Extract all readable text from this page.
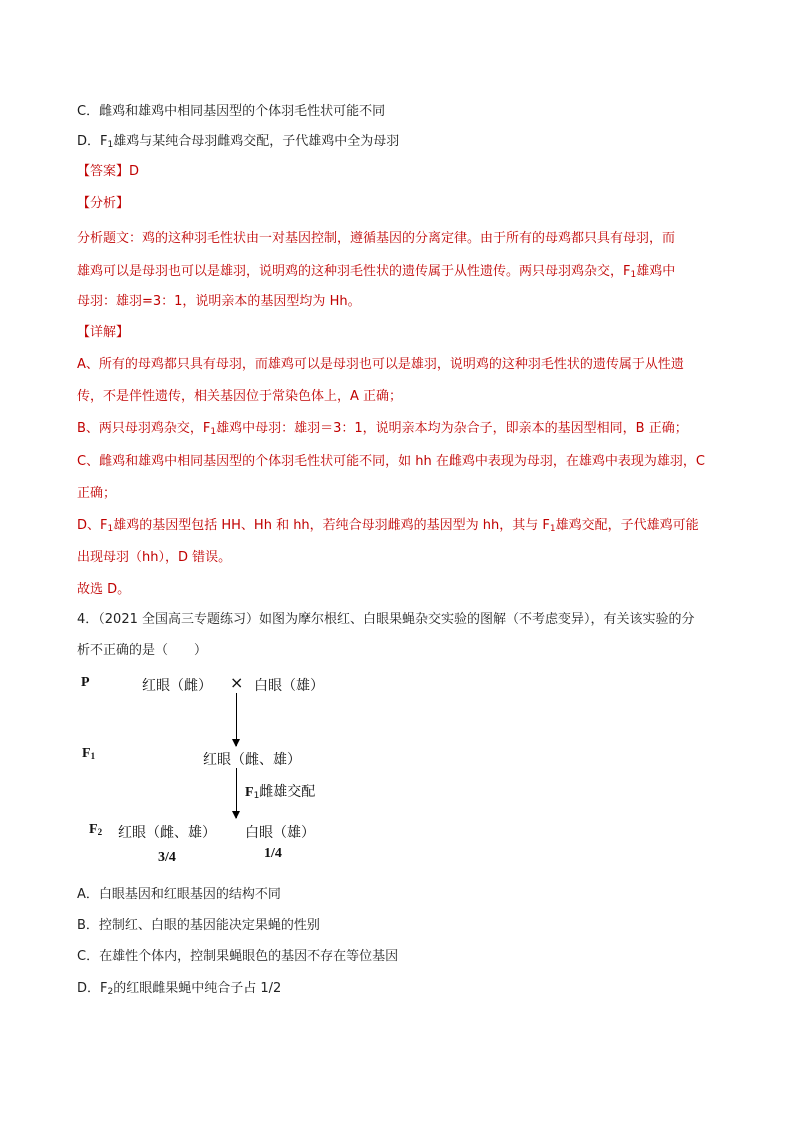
C．雌鸡和雄鸡中相同基因型的个体羽毛性状可能不同
D．$F_1$雄鸡与某纯合母羽雌鸡交配，子代雄鸡中全为母羽
【答案】D
【分析】
分析题文：鸡的这种羽毛性状由一对基因控制，遵循基因的分离定律。由于所有的母鸡都只具有母羽，而
雄鸡可以是母羽也可以是雄羽，说明鸡的这种羽毛性状的遗传属于从性遗传。两只母羽鸡杂交，$F_1$雄鸡中
母羽：雄羽=3：1，说明亲本的基因型均为 Hh。
【详解】
A、所有的母鸡都只具有母羽，而雄鸡可以是母羽也可以是雄羽，说明鸡的这种羽毛性状的遗传属于从性遗
传，不是伴性遗传，相关基因位于常染色体上，A 正确；
B、两只母羽鸡杂交，$F_1$雄鸡中母羽：雄羽＝3：1，说明亲本均为杂合子，即亲本的基因型相同，B 正确；
C、雌鸡和雄鸡中相同基因型的个体羽毛性状可能不同，如 hh 在雌鸡中表现为母羽，在雄鸡中表现为雄羽，C
正确；
D、$F_1$雄鸡的基因型包括 HH、Hh 和 hh，若纯合母羽雌鸡的基因型为 hh，其与 $F_1$雄鸡交配，子代雄鸡可能
出现母羽（hh），D 错误。
故选 D。
4．（2021 全国高三专题练习）如图为摩尔根红、白眼果蝇杂交实验的图解（不考虑变异），有关该实验的分
析不正确的是（　　）
P	红眼（雌） × 白眼（雄）
$F_1$	红眼（雌、雄）
$F_1$雌雄交配
$F_2$ 红眼（雌、雄） 白眼（雄）
3/4	1/4
A．白眼基因和红眼基因的结构不同
B．控制红、白眼的基因能决定果蝇的性别
C．在雄性个体内，控制果蝇眼色的基因不存在等位基因
D．$F_2$的红眼雌果蝇中纯合子占 1/2
